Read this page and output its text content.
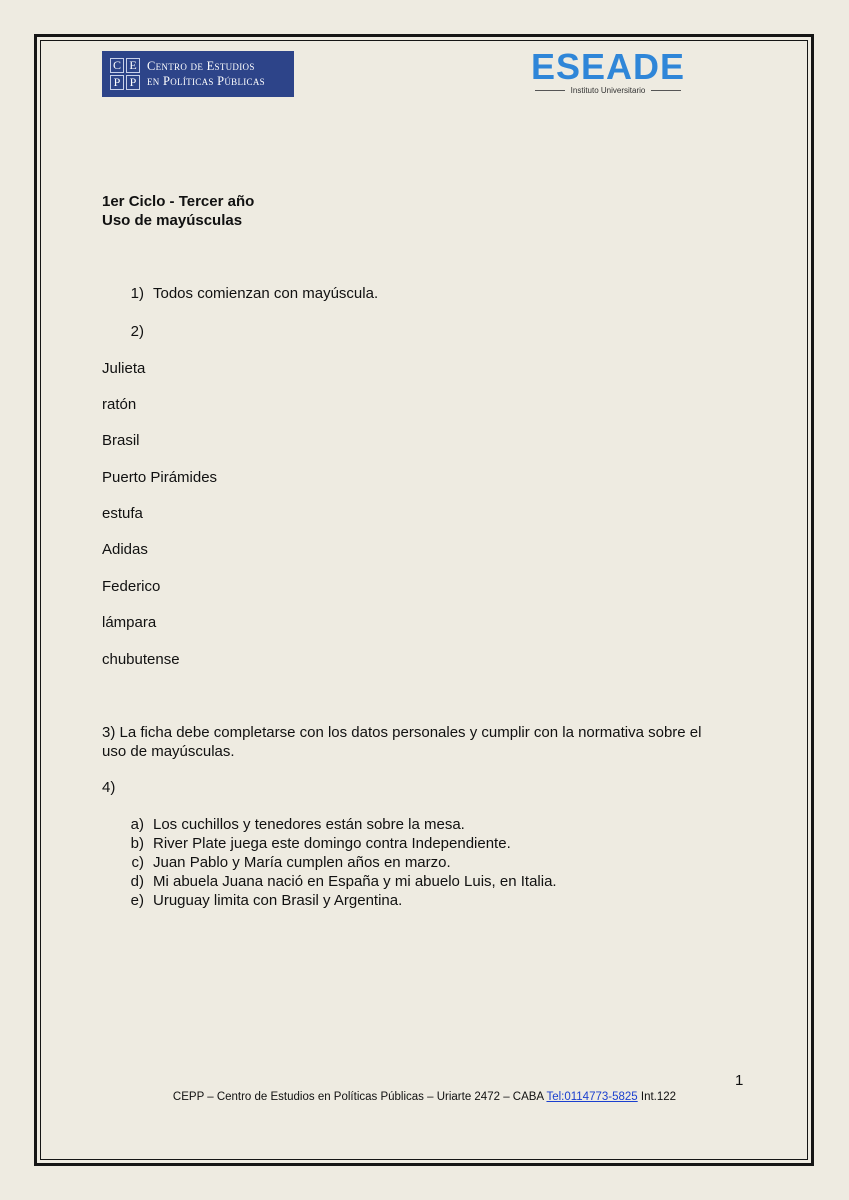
C E
P P
Centro de Estudios
en Políticas Públicas	ESEADE
Instituto Universitario
1er Ciclo - Tercer año
Uso de mayúsculas
1) Todos comienzan con mayúscula.
2)
Julieta
ratón
Brasil
Puerto Pirámides
estufa
Adidas
Federico
lámpara
chubutense
3) La ficha debe completarse con los datos personales y cumplir con la normativa sobre el
uso de mayúsculas.
4)
a) Los cuchillos y tenedores están sobre la mesa.
b) River Plate juega este domingo contra Independiente.
c) Juan Pablo y María cumplen años en marzo.
d) Mi abuela Juana nació en España y mi abuelo Luis, en Italia.
e) Uruguay limita con Brasil y Argentina.
1
CEPP – Centro de Estudios en Políticas Públicas – Uriarte 2472 – CABA Tel:0114773-5825 Int.122
